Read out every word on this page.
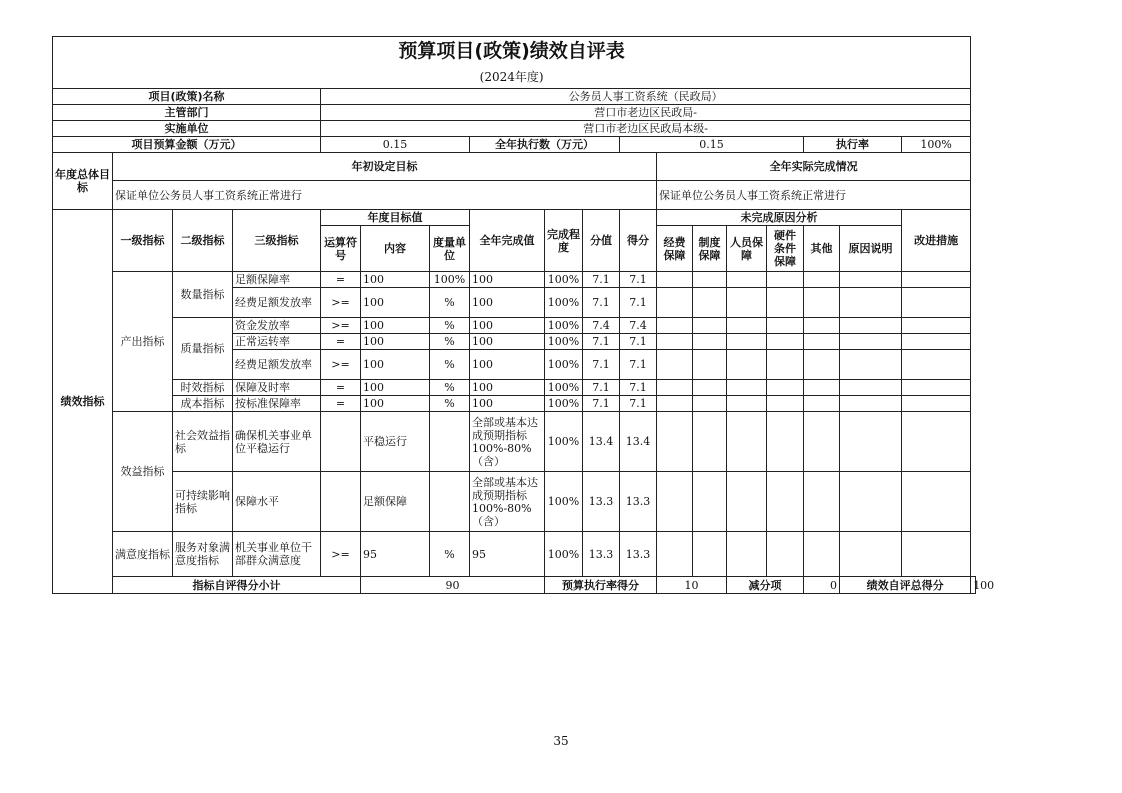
预算项目(政策)绩效自评表																		
(2024年度)																		
项目(政策)名称				公务员人事工资系统（民政局）														
主管部门				营口市老边区民政局-														
实施单位				营口市老边区民政局本级-														
项目预算金额（万元）				0.15			全年执行数（万元）			0.15					执行率		100%	
年度总体目标	年初设定目标										全年实际完成情况							
	保证单位公务员人事工资系统正常进行										保证单位公务员人事工资系统正常进行							
绩效指标	一级指标	二级指标	三级指标	年度目标值			全年完成值	完成程度	分值	得分	未完成原因分析						改进措施	
				运算符号	内容	度量单位					经费保障	制度保障	人员保障	硬件条件保障	其他	原因说明		
	产出指标	数量指标	足额保障率	=	100	100%	100	100%	7.1	7.1								
			经费足额发放率	>=	100	%	100	100%	7.1	7.1								
		质量指标	资金发放率	>=	100	%	100	100%	7.4	7.4								
			正常运转率	=	100	%	100	100%	7.1	7.1								
			经费足额发放率	>=	100	%	100	100%	7.1	7.1								
		时效指标	保障及时率	=	100	%	100	100%	7.1	7.1								
		成本指标	按标准保障率	=	100	%	100	100%	7.1	7.1								
	效益指标	社会效益指标	确保机关事业单位平稳运行		平稳运行		全部或基本达成预期指标100%-80%（含）	100%	13.4	13.4								
		可持续影响指标	保障水平		足额保障		全部或基本达成预期指标100%-80%（含）	100%	13.3	13.3								
	满意度指标	服务对象满意度指标	机关事业单位干部群众满意度	>=	95	%	95	100%	13.3	13.3								
	指标自评得分小计				90			预算执行率得分			10		减分项		0	绩效自评总得分		100
35
